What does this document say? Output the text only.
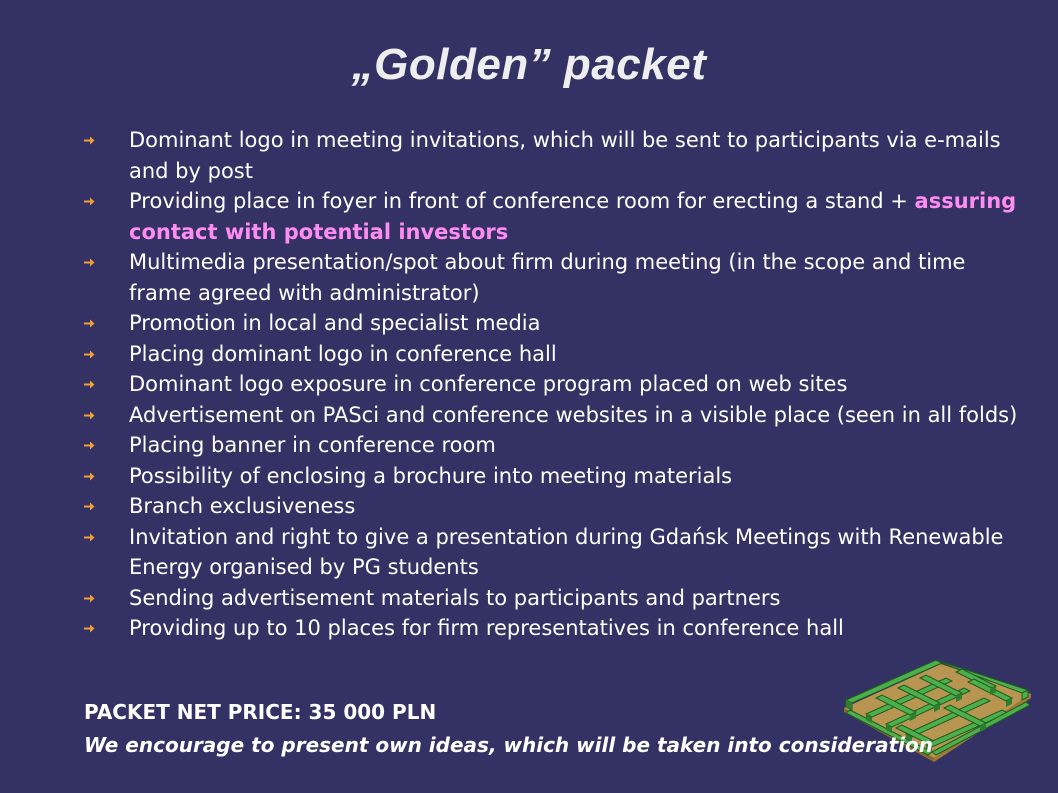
„Golden” packet
Dominant logo in meeting invitations, which will be sent to participants via e-mails and by post
Providing place in foyer in front of conference room for erecting a stand + assuring contact with potential investors
Multimedia presentation/spot about firm during meeting (in the scope and time frame agreed with administrator)
Promotion in local and specialist media
Placing dominant logo in conference hall
Dominant logo exposure in conference program placed on web sites
Advertisement on PASci and conference websites in a visible place (seen in all folds)
Placing banner in conference room
Possibility of enclosing a brochure into meeting materials
Branch exclusiveness
Invitation and right to give a presentation during Gdańsk Meetings with Renewable Energy organised by PG students
Sending advertisement materials to participants and partners
Providing up to 10 places for firm representatives in conference hall
PACKET NET PRICE: 35 000 PLN
We encourage to present own ideas, which will be taken into consideration
